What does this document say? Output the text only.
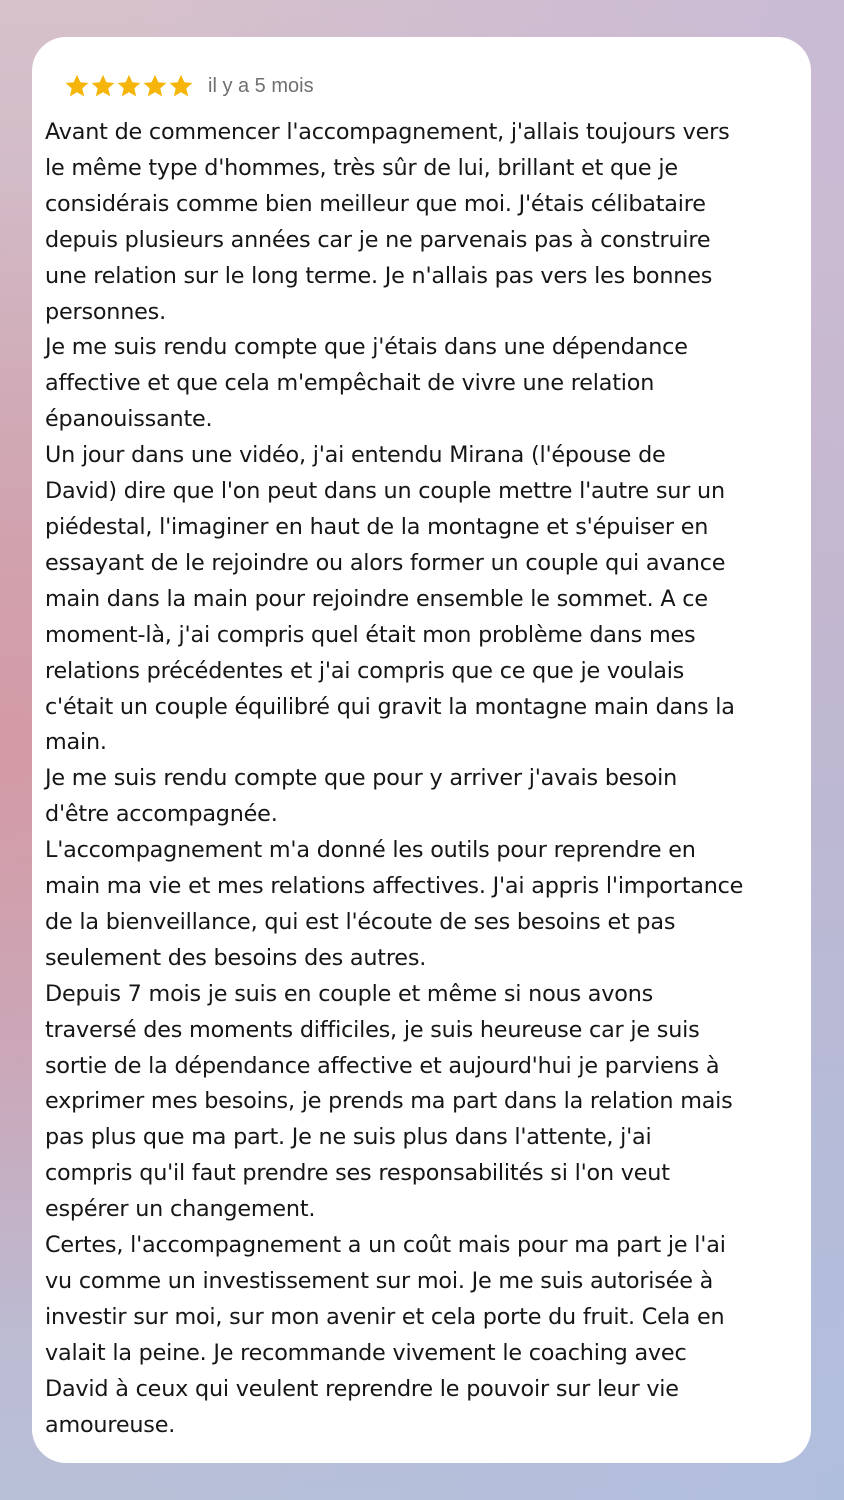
il y a 5 mois
Avant de commencer l'accompagnement, j'allais toujours vers
le même type d'hommes, très sûr de lui, brillant et que je
considérais comme bien meilleur que moi. J'étais célibataire
depuis plusieurs années car je ne parvenais pas à construire
une relation sur le long terme. Je n'allais pas vers les bonnes
personnes.
Je me suis rendu compte que j'étais dans une dépendance
affective et que cela m'empêchait de vivre une relation
épanouissante.
Un jour dans une vidéo, j'ai entendu Mirana (l'épouse de
David) dire que l'on peut dans un couple mettre l'autre sur un
piédestal, l'imaginer en haut de la montagne et s'épuiser en
essayant de le rejoindre ou alors former un couple qui avance
main dans la main pour rejoindre ensemble le sommet. A ce
moment-là, j'ai compris quel était mon problème dans mes
relations précédentes et j'ai compris que ce que je voulais
c'était un couple équilibré qui gravit la montagne main dans la
main.
Je me suis rendu compte que pour y arriver j'avais besoin
d'être accompagnée.
L'accompagnement m'a donné les outils pour reprendre en
main ma vie et mes relations affectives. J'ai appris l'importance
de la bienveillance, qui est l'écoute de ses besoins et pas
seulement des besoins des autres.
Depuis 7 mois je suis en couple et même si nous avons
traversé des moments difficiles, je suis heureuse car je suis
sortie de la dépendance affective et aujourd'hui je parviens à
exprimer mes besoins, je prends ma part dans la relation mais
pas plus que ma part. Je ne suis plus dans l'attente, j'ai
compris qu'il faut prendre ses responsabilités si l'on veut
espérer un changement.
Certes, l'accompagnement a un coût mais pour ma part je l'ai
vu comme un investissement sur moi. Je me suis autorisée à
investir sur moi, sur mon avenir et cela porte du fruit. Cela en
valait la peine. Je recommande vivement le coaching avec
David à ceux qui veulent reprendre le pouvoir sur leur vie
amoureuse.
